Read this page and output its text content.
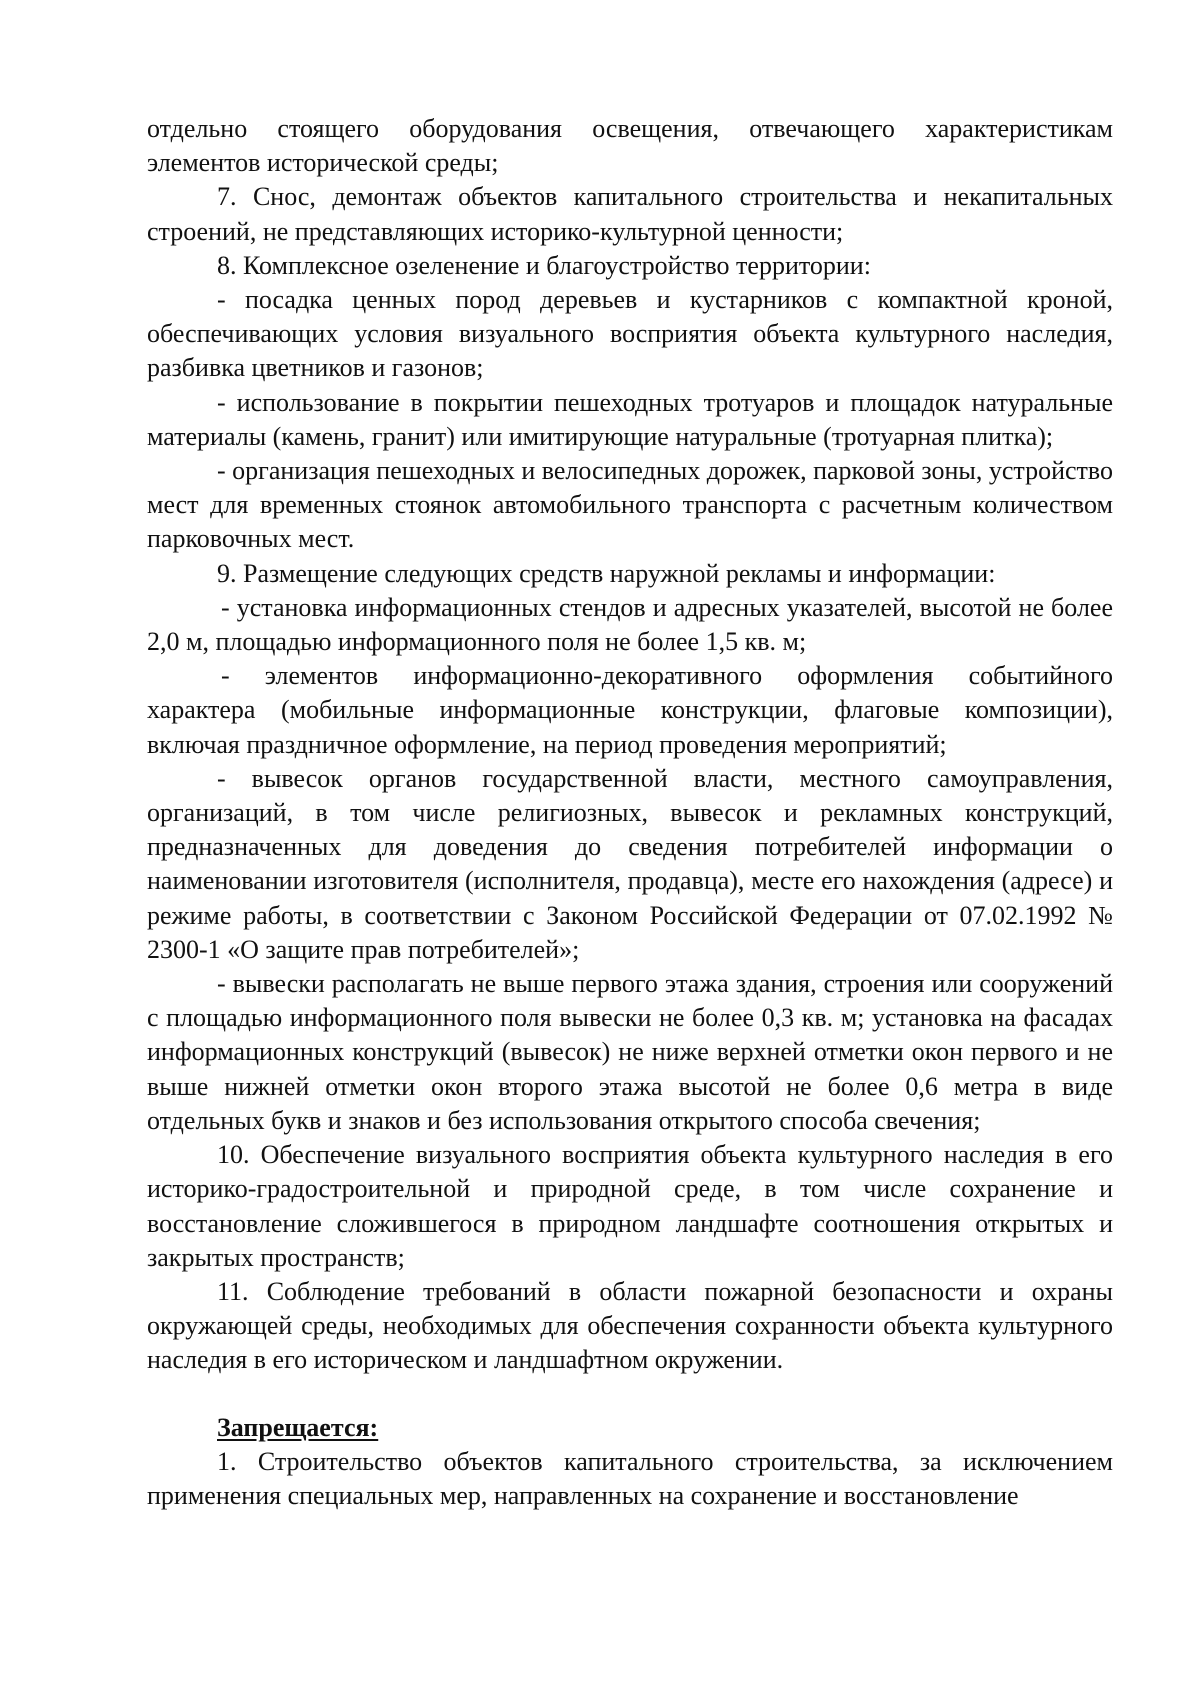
отдельно стоящего оборудования освещения, отвечающего характеристикам элементов исторической среды;

7. Снос, демонтаж объектов капитального строительства и некапитальных строений, не представляющих историко-культурной ценности;

8. Комплексное озеленение и благоустройство территории:

- посадка ценных пород деревьев и кустарников с компактной кроной, обеспечивающих условия визуального восприятия объекта культурного наследия, разбивка цветников и газонов;

- использование в покрытии пешеходных тротуаров и площадок натуральные материалы (камень, гранит) или имитирующие натуральные (тротуарная плитка);

- организация пешеходных и велосипедных дорожек, парковой зоны, устройство мест для временных стоянок автомобильного транспорта с расчетным количеством парковочных мест.

9. Размещение следующих средств наружной рекламы и информации:

- установка информационных стендов и адресных указателей, высотой не более 2,0 м, площадью информационного поля не более 1,5 кв. м;

- элементов информационно-декоративного оформления событийного характера (мобильные информационные конструкции, флаговые композиции), включая праздничное оформление, на период проведения мероприятий;

- вывесок органов государственной власти, местного самоуправления, организаций, в том числе религиозных, вывесок и рекламных конструкций, предназначенных для доведения до сведения потребителей информации о наименовании изготовителя (исполнителя, продавца), месте его нахождения (адресе) и режиме работы, в соответствии с Законом Российской Федерации от 07.02.1992 № 2300-1 «О защите прав потребителей»;

- вывески располагать не выше первого этажа здания, строения или сооружений с площадью информационного поля вывески не более 0,3 кв. м; установка на фасадах информационных конструкций (вывесок) не ниже верхней отметки окон первого и не выше нижней отметки окон второго этажа высотой не более 0,6 метра в виде отдельных букв и знаков и без использования открытого способа свечения;

10. Обеспечение визуального восприятия объекта культурного наследия в его историко-градостроительной и природной среде, в том числе сохранение и восстановление сложившегося в природном ландшафте соотношения открытых и закрытых пространств;

11. Соблюдение требований в области пожарной безопасности и охраны окружающей среды, необходимых для обеспечения сохранности объекта культурного наследия в его историческом и ландшафтном окружении.

Запрещается:

1. Строительство объектов капитального строительства, за исключением применения специальных мер, направленных на сохранение и восстановление
